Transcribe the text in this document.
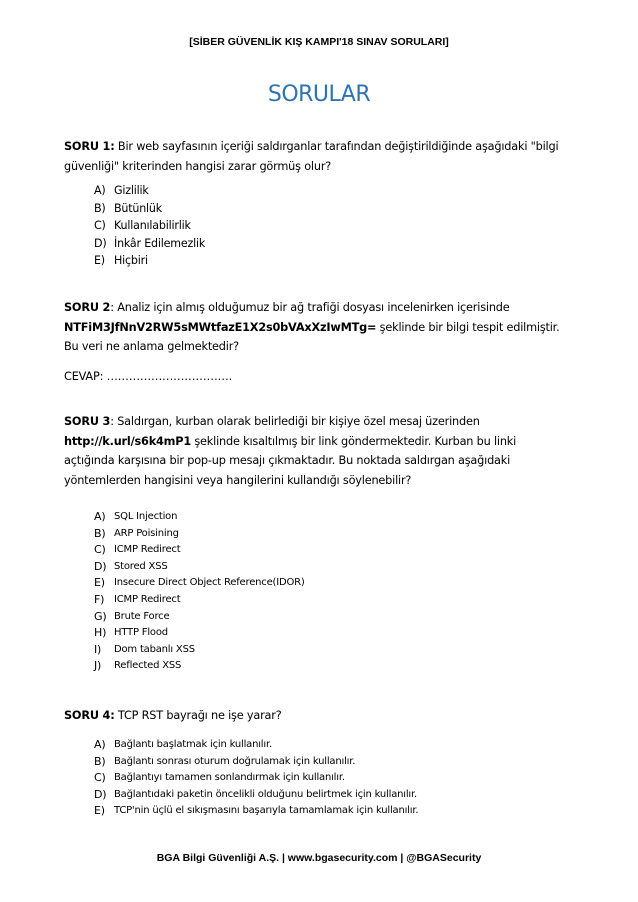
[SİBER GÜVENLİK KIŞ KAMPI'18 SINAV SORULARI]
SORULAR
SORU 1: Bir web sayfasının içeriği saldırganlar tarafından değiştirildiğinde aşağıdaki "bilgi güvenliği" kriterinden hangisi zarar görmüş olur?
A) Gizlilik
B) Bütünlük
C) Kullanılabilirlik
D) İnkâr Edilemezlik
E) Hiçbiri
SORU 2: Analiz için almış olduğumuz bir ağ trafiği dosyası incelenirken içerisinde
NTFiM3JfNnV2RW5sMWtfazE1X2s0bVAxXzIwMTg= şeklinde bir bilgi tespit edilmiştir. Bu veri ne anlama gelmektedir?
CEVAP: …………………………….
SORU 3: Saldırgan, kurban olarak belirlediği bir kişiye özel mesaj üzerinden
http://k.url/s6k4mP1 şeklinde kısaltılmış bir link göndermektedir. Kurban bu linki açtığında karşısına bir pop-up mesajı çıkmaktadır. Bu noktada saldırgan aşağıdaki yöntemlerden hangisini veya hangilerini kullandığı söylenebilir?
A) SQL Injection
B) ARP Poisining
C) ICMP Redirect
D) Stored XSS
E) Insecure Direct Object Reference(IDOR)
F) ICMP Redirect
G) Brute Force
H) HTTP Flood
I) Dom tabanlı XSS
J) Reflected XSS
SORU 4: TCP RST bayrağı ne işe yarar?
A) Bağlantı başlatmak için kullanılır.
B) Bağlantı sonrası oturum doğrulamak için kullanılır.
C) Bağlantıyı tamamen sonlandırmak için kullanılır.
D) Bağlantıdaki paketin öncelikli olduğunu belirtmek için kullanılır.
E) TCP'nin üçlü el sıkışmasını başarıyla tamamlamak için kullanılır.
BGA Bilgi Güvenliği A.Ş. | www.bgasecurity.com | @BGASecurity
